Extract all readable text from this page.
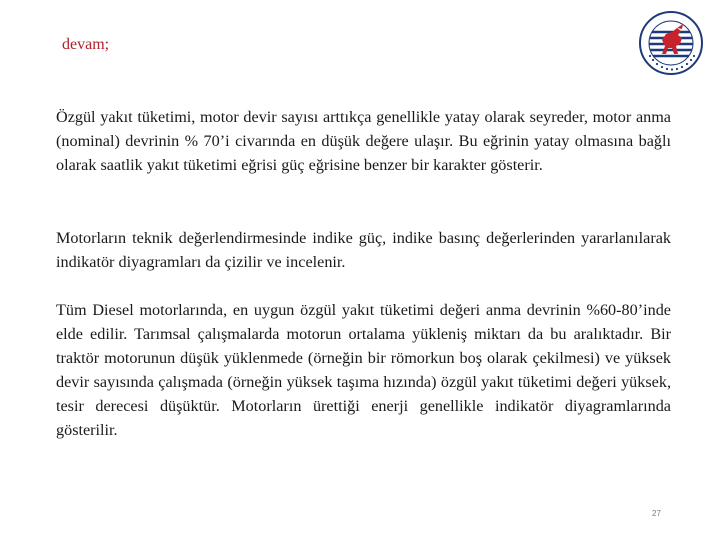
devam;

Özgül yakıt tüketimi, motor devir sayısı arttıkça genellikle yatay olarak seyreder, motor anma (nominal) devrinin % 70’i civarında en düşük değere ulaşır. Bu eğrinin yatay olmasına bağlı olarak saatlik yakıt tüketimi eğrisi güç eğrisine benzer bir karakter gösterir.

Motorların teknik değerlendirmesinde indike güç, indike basınç değerlerinden yararlanılarak indikatör diyagramları da çizilir ve incelenir.

Tüm Diesel motorlarında, en uygun özgül yakıt tüketimi değeri anma devrinin %60-80’inde elde edilir. Tarımsal çalışmalarda motorun ortalama yükleniş miktarı da bu aralıktadır. Bir traktör motorunun düşük yüklenmede (örneğin bir römorkun boş olarak çekilmesi) ve yüksek devir sayısında çalışmada (örneğin yüksek taşıma hızında) özgül yakıt tüketimi değeri yüksek, tesir derecesi düşüktür. Motorların ürettiği enerji genellikle indikatör diyagramlarında gösterilir.

27
